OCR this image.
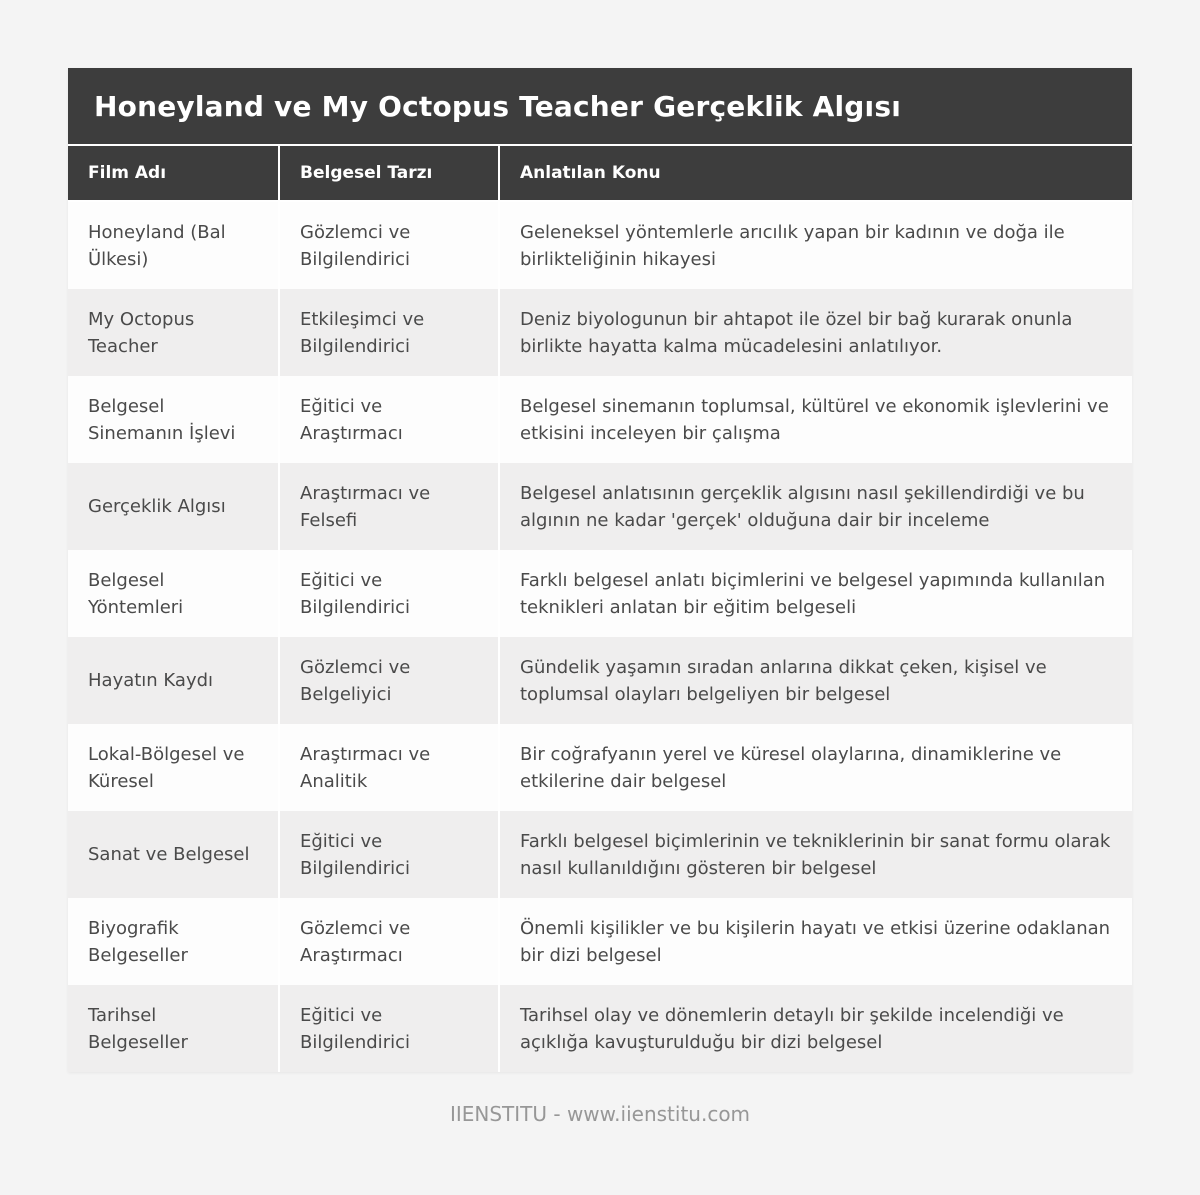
Honeyland ve My Octopus Teacher Gerçeklik Algısı
Film Adı	Belgesel Tarzı	Anlatılan Konu
Honeyland (Bal Ülkesi)
Gözlemci ve Bilgilendirici
Geleneksel yöntemlerle arıcılık yapan bir kadının ve doğa ile birlikteliğinin hikayesi
My Octopus Teacher
Etkileşimci ve Bilgilendirici
Deniz biyologunun bir ahtapot ile özel bir bağ kurarak onunla birlikte hayatta kalma mücadelesini anlatılıyor.
Belgesel Sinemanın İşlevi
Eğitici ve Araştırmacı
Belgesel sinemanın toplumsal, kültürel ve ekonomik işlevlerini ve etkisini inceleyen bir çalışma
Gerçeklik Algısı
Araştırmacı ve Felsefi
Belgesel anlatısının gerçeklik algısını nasıl şekillendirdiği ve bu algının ne kadar 'gerçek' olduğuna dair bir inceleme
Belgesel Yöntemleri
Eğitici ve Bilgilendirici
Farklı belgesel anlatı biçimlerini ve belgesel yapımında kullanılan teknikleri anlatan bir eğitim belgeseli
Hayatın Kaydı
Gözlemci ve Belgeliyici
Gündelik yaşamın sıradan anlarına dikkat çeken, kişisel ve toplumsal olayları belgeliyen bir belgesel
Lokal-Bölgesel ve Küresel
Araştırmacı ve Analitik
Bir coğrafyanın yerel ve küresel olaylarına, dinamiklerine ve etkilerine dair belgesel
Sanat ve Belgesel
Eğitici ve Bilgilendirici
Farklı belgesel biçimlerinin ve tekniklerinin bir sanat formu olarak nasıl kullanıldığını gösteren bir belgesel
Biyografik Belgeseller
Gözlemci ve Araştırmacı
Önemli kişilikler ve bu kişilerin hayatı ve etkisi üzerine odaklanan bir dizi belgesel
Tarihsel Belgeseller
Eğitici ve Bilgilendirici
Tarihsel olay ve dönemlerin detaylı bir şekilde incelendiği ve açıklığa kavuşturulduğu bir dizi belgesel
IIENSTITU - www.iienstitu.com
